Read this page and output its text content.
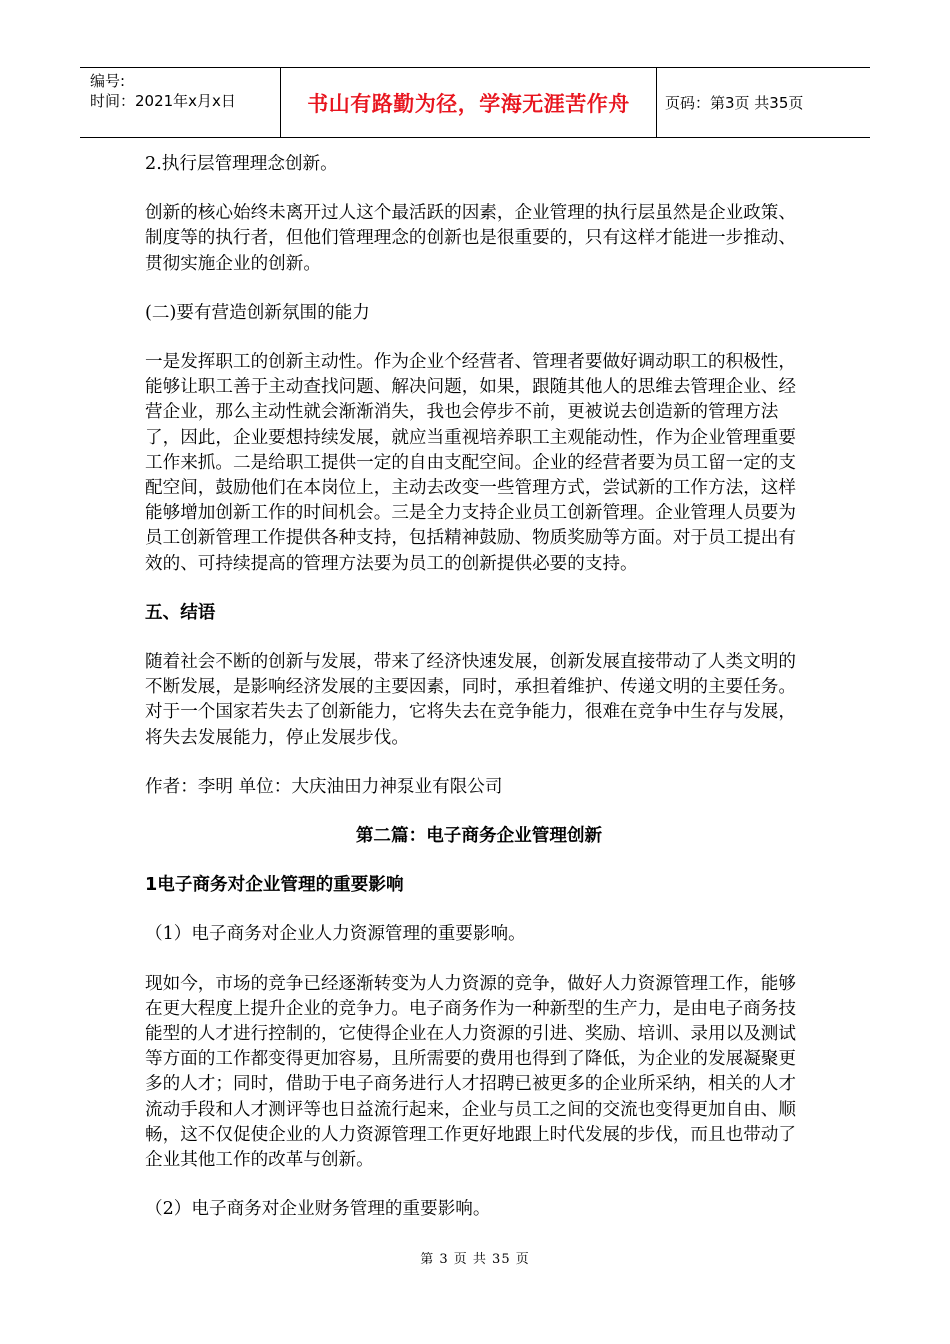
编号:
时间：2021年x月x日	书山有路勤为径，学海无涯苦作舟	页码：第3页 共35页

2.执行层管理理念创新。

创新的核心始终未离开过人这个最活跃的因素，企业管理的执行层虽然是企业政策、制度等的执行者，但他们管理理念的创新也是很重要的，只有这样才能进一步推动、贯彻实施企业的创新。

(二)要有营造创新氛围的能力

一是发挥职工的创新主动性。作为企业个经营者、管理者要做好调动职工的积极性，能够让职工善于主动查找问题、解决问题，如果，跟随其他人的思维去管理企业、经营企业，那么主动性就会渐渐消失，我也会停步不前，更被说去创造新的管理方法了，因此，企业要想持续发展，就应当重视培养职工主观能动性，作为企业管理重要工作来抓。二是给职工提供一定的自由支配空间。企业的经营者要为员工留一定的支配空间，鼓励他们在本岗位上，主动去改变一些管理方式，尝试新的工作方法，这样能够增加创新工作的时间机会。三是全力支持企业员工创新管理。企业管理人员要为员工创新管理工作提供各种支持，包括精神鼓励、物质奖励等方面。对于员工提出有效的、可持续提高的管理方法要为员工的创新提供必要的支持。

五、结语

随着社会不断的创新与发展，带来了经济快速发展，创新发展直接带动了人类文明的不断发展，是影响经济发展的主要因素，同时，承担着维护、传递文明的主要任务。对于一个国家若失去了创新能力，它将失去在竞争能力，很难在竞争中生存与发展，将失去发展能力，停止发展步伐。

作者：李明 单位：大庆油田力神泵业有限公司

第二篇：电子商务企业管理创新

1电子商务对企业管理的重要影响

（1）电子商务对企业人力资源管理的重要影响。

现如今，市场的竞争已经逐渐转变为人力资源的竞争，做好人力资源管理工作，能够在更大程度上提升企业的竞争力。电子商务作为一种新型的生产力，是由电子商务技能型的人才进行控制的，它使得企业在人力资源的引进、奖励、培训、录用以及测试等方面的工作都变得更加容易，且所需要的费用也得到了降低，为企业的发展凝聚更多的人才；同时，借助于电子商务进行人才招聘已被更多的企业所采纳，相关的人才流动手段和人才测评等也日益流行起来，企业与员工之间的交流也变得更加自由、顺畅，这不仅促使企业的人力资源管理工作更好地跟上时代发展的步伐，而且也带动了企业其他工作的改革与创新。

（2）电子商务对企业财务管理的重要影响。

第 3 页 共 35 页
